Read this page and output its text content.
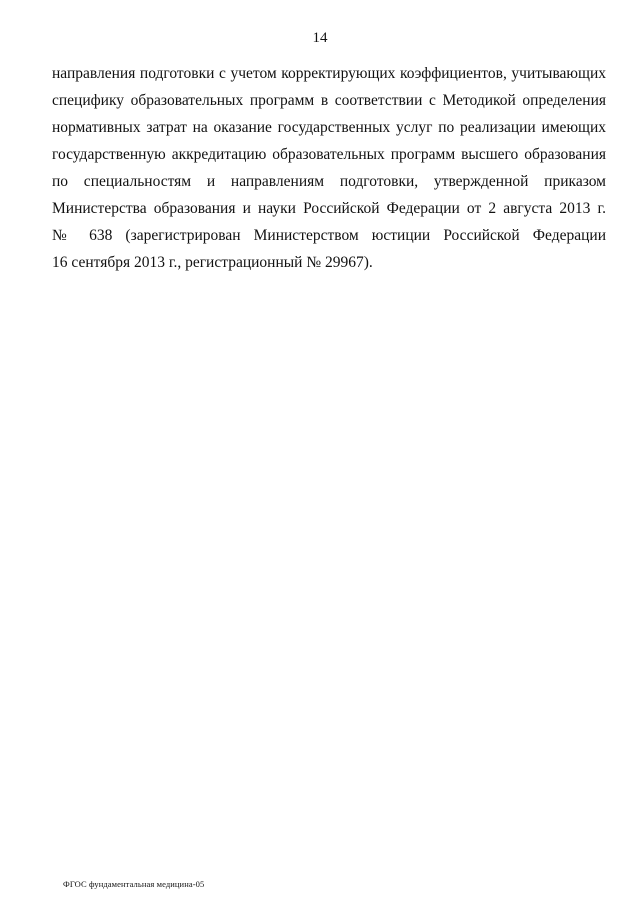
14
направления подготовки с учетом корректирующих коэффициентов, учитывающих
специфику образовательных программ в соответствии с Методикой определения
нормативных затрат на оказание государственных услуг по реализации имеющих
государственную аккредитацию образовательных программ высшего образования
по специальностям и направлениям подготовки, утвержденной приказом
Министерства образования и науки Российской Федерации от 2 августа 2013 г.
№ 638 (зарегистрирован Министерством юстиции Российской Федерации
16 сентября 2013 г., регистрационный № 29967).
ФГОС фундаментальная медицина-05
